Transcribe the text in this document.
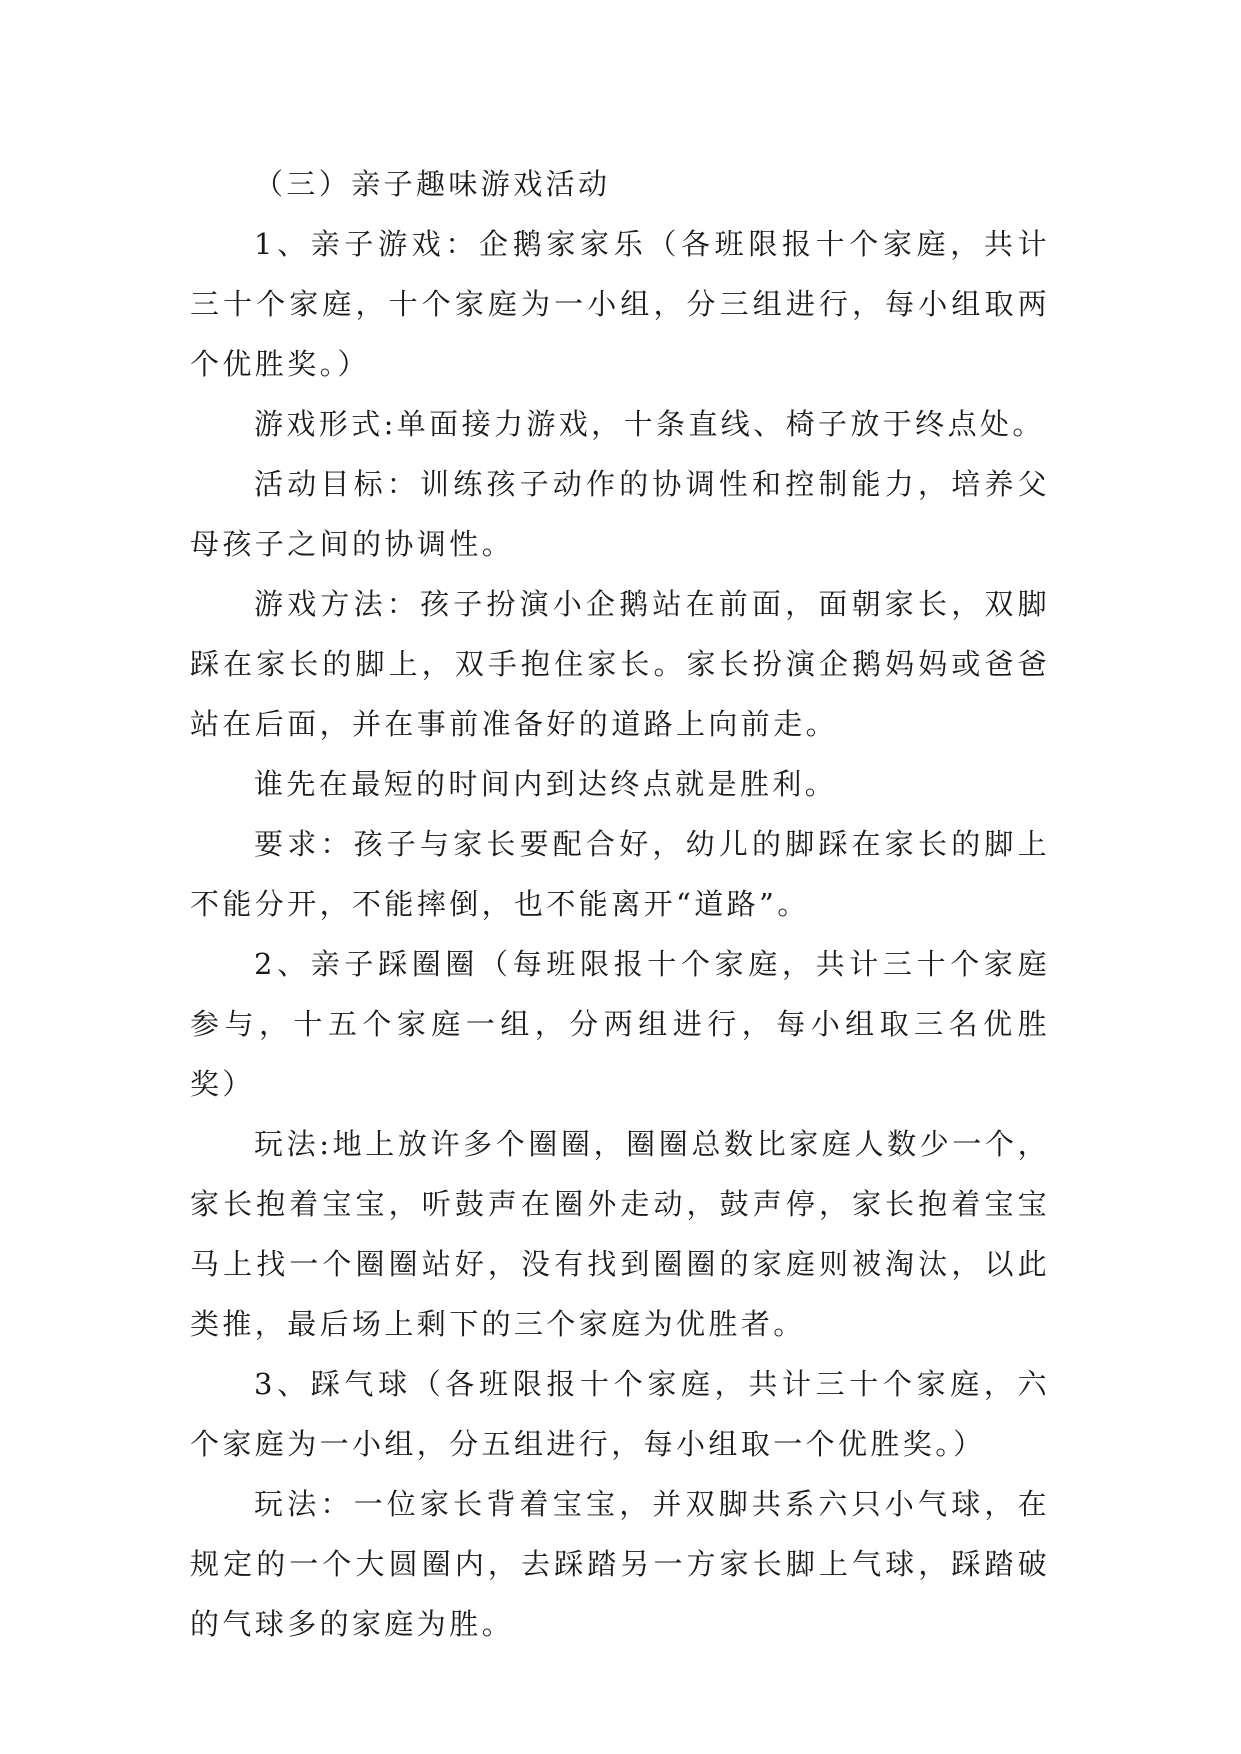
（三）亲子趣味游戏活动

1、亲子游戏：企鹅家家乐（各班限报十个家庭，共计三十个家庭，十个家庭为一小组，分三组进行，每小组取两个优胜奖。）

游戏形式:单面接力游戏，十条直线、椅子放于终点处。

活动目标：训练孩子动作的协调性和控制能力，培养父母孩子之间的协调性。

游戏方法：孩子扮演小企鹅站在前面，面朝家长，双脚踩在家长的脚上，双手抱住家长。家长扮演企鹅妈妈或爸爸站在后面，并在事前准备好的道路上向前走。

谁先在最短的时间内到达终点就是胜利。

要求：孩子与家长要配合好，幼儿的脚踩在家长的脚上不能分开，不能摔倒，也不能离开“道路”。

2、亲子踩圈圈（每班限报十个家庭，共计三十个家庭参与，十五个家庭一组，分两组进行，每小组取三名优胜奖）

玩法:地上放许多个圈圈，圈圈总数比家庭人数少一个，家长抱着宝宝，听鼓声在圈外走动，鼓声停，家长抱着宝宝马上找一个圈圈站好，没有找到圈圈的家庭则被淘汰，以此类推，最后场上剩下的三个家庭为优胜者。

3、踩气球（各班限报十个家庭，共计三十个家庭，六个家庭为一小组，分五组进行，每小组取一个优胜奖。）

玩法：一位家长背着宝宝，并双脚共系六只小气球，在规定的一个大圆圈内，去踩踏另一方家长脚上气球，踩踏破的气球多的家庭为胜。
